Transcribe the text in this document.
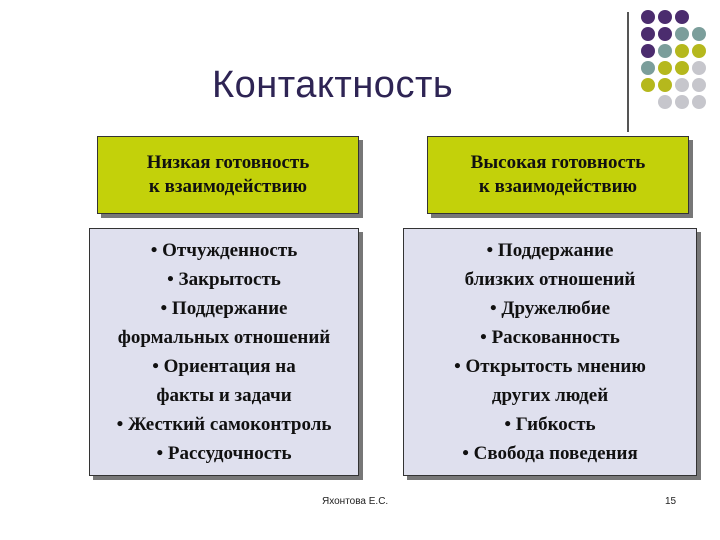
Контактность
Низкая готовность
к взаимодействию
Высокая готовность
к взаимодействию
• Отчужденность
• Закрытость
• Поддержание
формальных отношений
• Ориентация на
факты и задачи
• Жесткий самоконтроль
• Рассудочность
• Поддержание
близких отношений
• Дружелюбие
• Раскованность
• Открытость мнению
других людей
• Гибкость
• Свобода поведения
Яхонтова Е.С.	15
